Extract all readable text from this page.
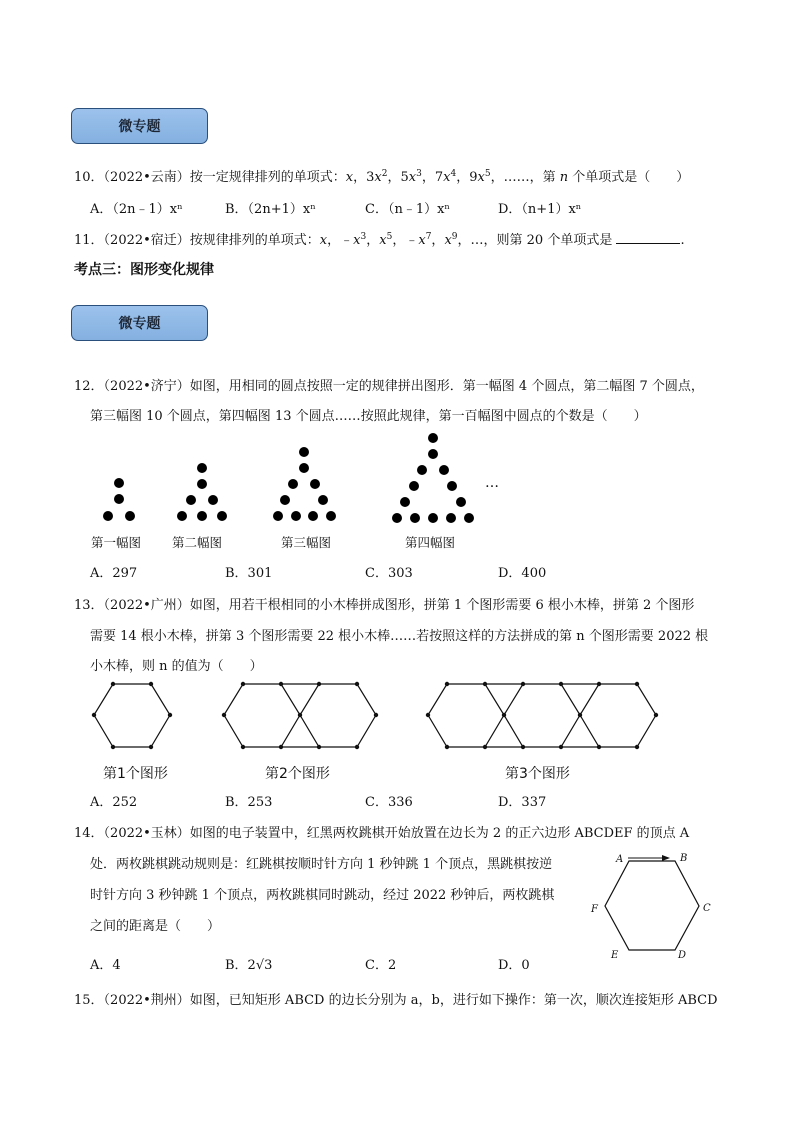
微专题
微专题
10．（2022•云南）按一定规律排列的单项式：x，$3x^2$，$5x^3$，$7x^4$，$9x^5$，……，第 n 个单项式是（　　）
A．（2n﹣1）xⁿ	B．（2n+1）xⁿ	C．（n﹣1）xⁿ	D．（n+1）xⁿ
11．（2022•宿迁）按规律排列的单项式：x，$﹣x^3$，$x^5$，$﹣x^7$，$x^9$，…，则第 20 个单项式是	.
考点三：图形变化规律
12．（2022•济宁）如图，用相同的圆点按照一定的规律拼出图形．第一幅图 4 个圆点，第二幅图 7 个圆点，
第三幅图 10 个圆点，第四幅图 13 个圆点……按照此规律，第一百幅图中圆点的个数是（　　）
…
第一幅图 第二幅图	第三幅图	第四幅图
A．297	B．301	C．303	D．400
13．（2022•广州）如图，用若干根相同的小木棒拼成图形，拼第 1 个图形需要 6 根小木棒，拼第 2 个图形
需要 14 根小木棒，拼第 3 个图形需要 22 根小木棒……若按照这样的方法拼成的第 n 个图形需要 2022 根
小木棒，则 n 的值为（　　）
第1个图形	第2个图形	第3个图形
A．252	B．253	C．336	D．337
14．（2022•玉林）如图的电子装置中，红黑两枚跳棋开始放置在边长为 2 的正六边形 ABCDEF 的顶点 A
处．两枚跳棋跳动规则是：红跳棋按顺时针方向 1 秒钟跳 1 个顶点，黑跳棋按逆
时针方向 3 秒钟跳 1 个顶点，两枚跳棋同时跳动，经过 2022 秒钟后，两枚跳棋
之间的距离是（　　）
A	B
C
D
E
F
A．4	B．2√3	C．2	D．0
15．（2022•荆州）如图，已知矩形 ABCD 的边长分别为 a，b，进行如下操作：第一次，顺次连接矩形 ABCD
